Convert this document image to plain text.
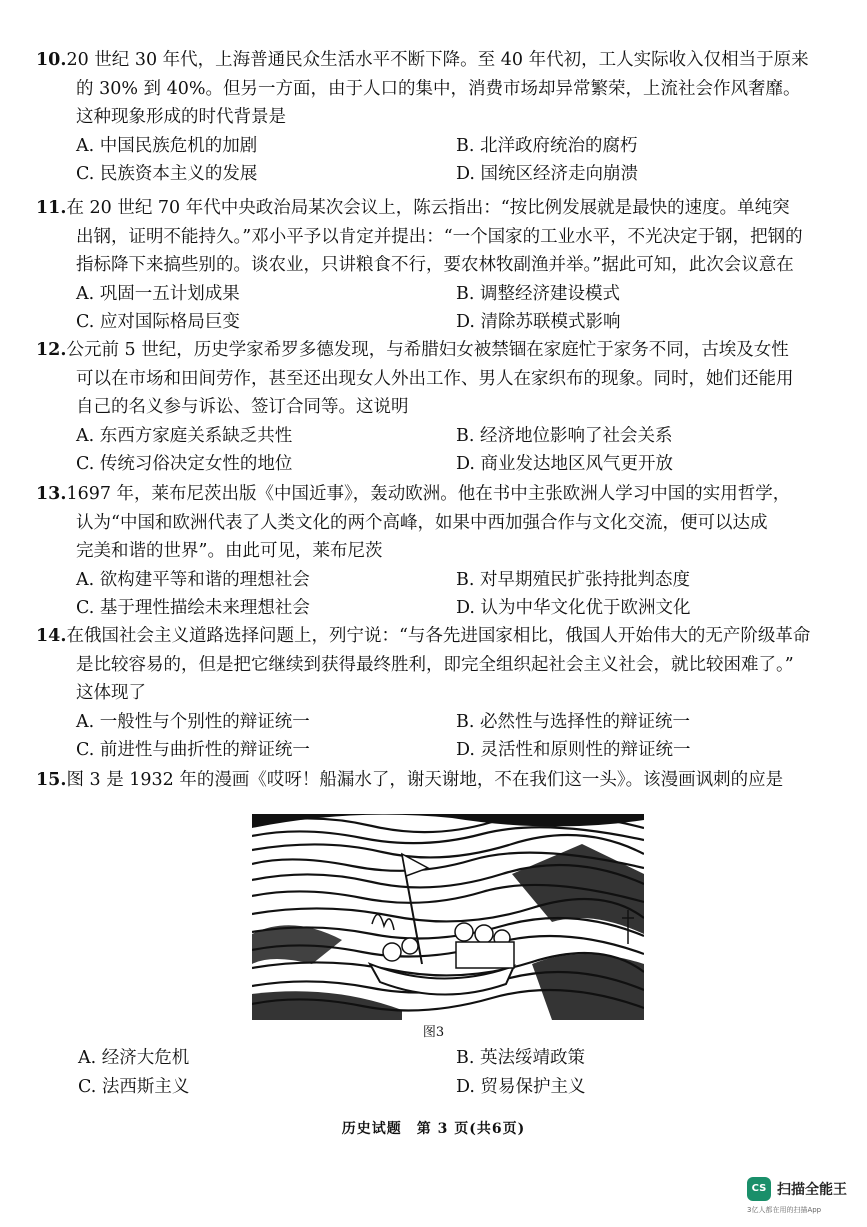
10.20 世纪 30 年代，上海普通民众生活水平不断下降。至 40 年代初，工人实际收入仅相当于原来

的 30% 到 40%。但另一方面，由于人口的集中，消费市场却异常繁荣，上流社会作风奢靡。

这种现象形成的时代背景是

A. 中国民族危机的加剧	B. 北洋政府统治的腐朽
C. 民族资本主义的发展	D. 国统区经济走向崩溃

11.在 20 世纪 70 年代中央政治局某次会议上，陈云指出：“按比例发展就是最快的速度。单纯突

出钢，证明不能持久。”邓小平予以肯定并提出：“一个国家的工业水平，不光决定于钢，把钢的

指标降下来搞些别的。谈农业，只讲粮食不行，要农林牧副渔并举。”据此可知，此次会议意在

A. 巩固一五计划成果	B. 调整经济建设模式
C. 应对国际格局巨变	D. 清除苏联模式影响

12.公元前 5 世纪，历史学家希罗多德发现，与希腊妇女被禁锢在家庭忙于家务不同，古埃及女性

可以在市场和田间劳作，甚至还出现女人外出工作、男人在家织布的现象。同时，她们还能用

自己的名义参与诉讼、签订合同等。这说明

A. 东西方家庭关系缺乏共性	B. 经济地位影响了社会关系
C. 传统习俗决定女性的地位	D. 商业发达地区风气更开放

13.1697 年，莱布尼茨出版《中国近事》，轰动欧洲。他在书中主张欧洲人学习中国的实用哲学，

认为“中国和欧洲代表了人类文化的两个高峰，如果中西加强合作与文化交流，便可以达成

完美和谐的世界”。由此可见，莱布尼茨

A. 欲构建平等和谐的理想社会	B. 对早期殖民扩张持批判态度
C. 基于理性描绘未来理想社会	D. 认为中华文化优于欧洲文化

14.在俄国社会主义道路选择问题上，列宁说：“与各先进国家相比，俄国人开始伟大的无产阶级革命

是比较容易的，但是把它继续到获得最终胜利，即完全组织起社会主义社会，就比较困难了。”

这体现了

A. 一般性与个别性的辩证统一	B. 必然性与选择性的辩证统一
C. 前进性与曲折性的辩证统一	D. 灵活性和原则性的辩证统一

15.图 3 是 1932 年的漫画《哎呀！船漏水了，谢天谢地，不在我们这一头》。该漫画讽刺的应是

图3
A. 经济大危机	B. 英法绥靖政策
C. 法西斯主义	D. 贸易保护主义
历史试题　第 3 页(共6页)
CS 扫描全能王
3亿人都在用的扫描App
